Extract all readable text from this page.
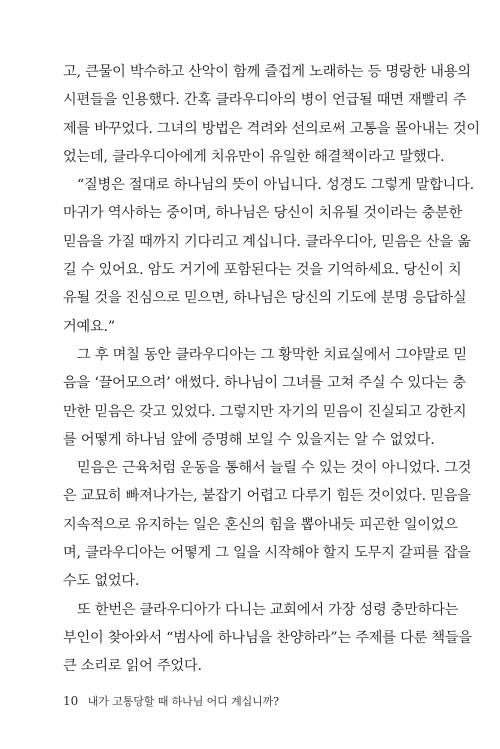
고, 큰물이 박수하고 산악이 함께 즐겁게 노래하는 등 명랑한 내용의
시편들을 인용했다. 간혹 클라우디아의 병이 언급될 때면 재빨리 주
제를 바꾸었다. 그녀의 방법은 격려와 선의로써 고통을 몰아내는 것이
었는데, 클라우디아에게 치유만이 유일한 해결책이라고 말했다.
“질병은 절대로 하나님의 뜻이 아닙니다. 성경도 그렇게 말합니다.
마귀가 역사하는 중이며, 하나님은 당신이 치유될 것이라는 충분한
믿음을 가질 때까지 기다리고 계십니다. 클라우디아, 믿음은 산을 옮
길 수 있어요. 암도 거기에 포함된다는 것을 기억하세요. 당신이 치
유될 것을 진심으로 믿으면, 하나님은 당신의 기도에 분명 응답하실
거예요.”
그 후 며칠 동안 클라우디아는 그 황막한 치료실에서 그야말로 믿
음을 ‘끌어모으려’ 애썼다. 하나님이 그녀를 고쳐 주실 수 있다는 충
만한 믿음은 갖고 있었다. 그렇지만 자기의 믿음이 진실되고 강한지
를 어떻게 하나님 앞에 증명해 보일 수 있을지는 알 수 없었다.
믿음은 근육처럼 운동을 통해서 늘릴 수 있는 것이 아니었다. 그것
은 교묘히 빠져나가는, 붙잡기 어렵고 다루기 힘든 것이었다. 믿음을
지속적으로 유지하는 일은 혼신의 힘을 뽑아내듯 피곤한 일이었으
며, 클라우디아는 어떻게 그 일을 시작해야 할지 도무지 갈피를 잡을
수도 없었다.
또 한번은 클라우디아가 다니는 교회에서 가장 성령 충만하다는
부인이 찾아와서 “범사에 하나님을 찬양하라”는 주제를 다룬 책들을
큰 소리로 읽어 주었다.
10 내가 고통당할 때 하나님 어디 계십니까?
